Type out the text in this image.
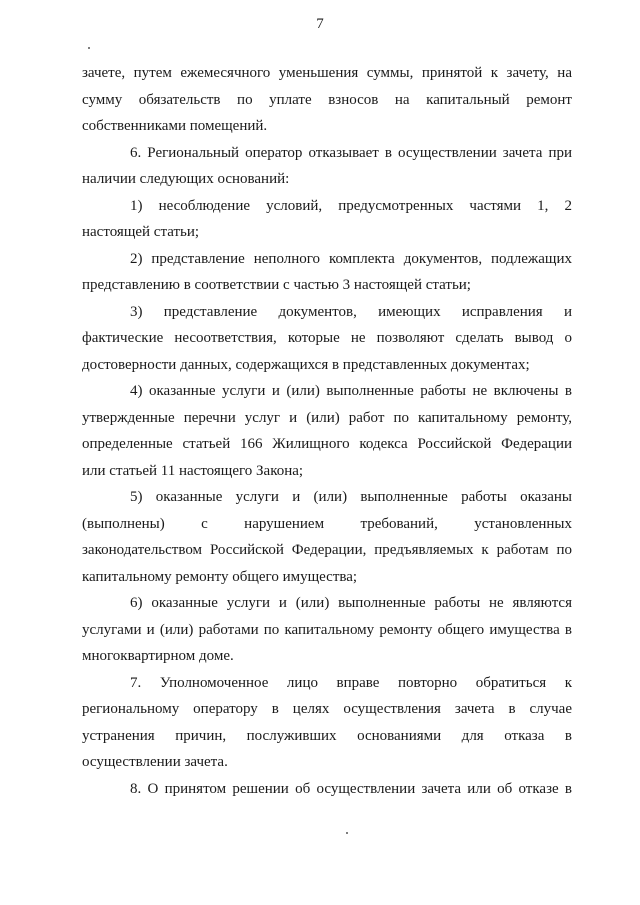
7

зачете, путем ежемесячного уменьшения суммы, принятой к зачету, на
сумму обязательств по уплате взносов на капитальный ремонт
собственниками помещений.

6. Региональный оператор отказывает в осуществлении зачета при
наличии следующих оснований:

1) несоблюдение условий, предусмотренных частями 1, 2
настоящей статьи;

2) представление неполного комплекта документов, подлежащих
представлению в соответствии с частью 3 настоящей статьи;

3) представление документов, имеющих исправления и
фактические несоответствия, которые не позволяют сделать вывод о
достоверности данных, содержащихся в представленных документах;

4) оказанные услуги и (или) выполненные работы не включены в
утвержденные перечни услуг и (или) работ по капитальному ремонту,
определенные статьей 166 Жилищного кодекса Российской Федерации
или статьей 11 настоящего Закона;

5) оказанные услуги и (или) выполненные работы оказаны
(выполнены) с нарушением требований, установленных
законодательством Российской Федерации, предъявляемых к работам по
капитальному ремонту общего имущества;

6) оказанные услуги и (или) выполненные работы не являются
услугами и (или) работами по капитальному ремонту общего имущества в
многоквартирном доме.

7. Уполномоченное лицо вправе повторно обратиться к
региональному оператору в целях осуществления зачета в случае
устранения причин, послуживших основаниями для отказа в
осуществлении зачета.

8. О принятом решении об осуществлении зачета или об отказе в
